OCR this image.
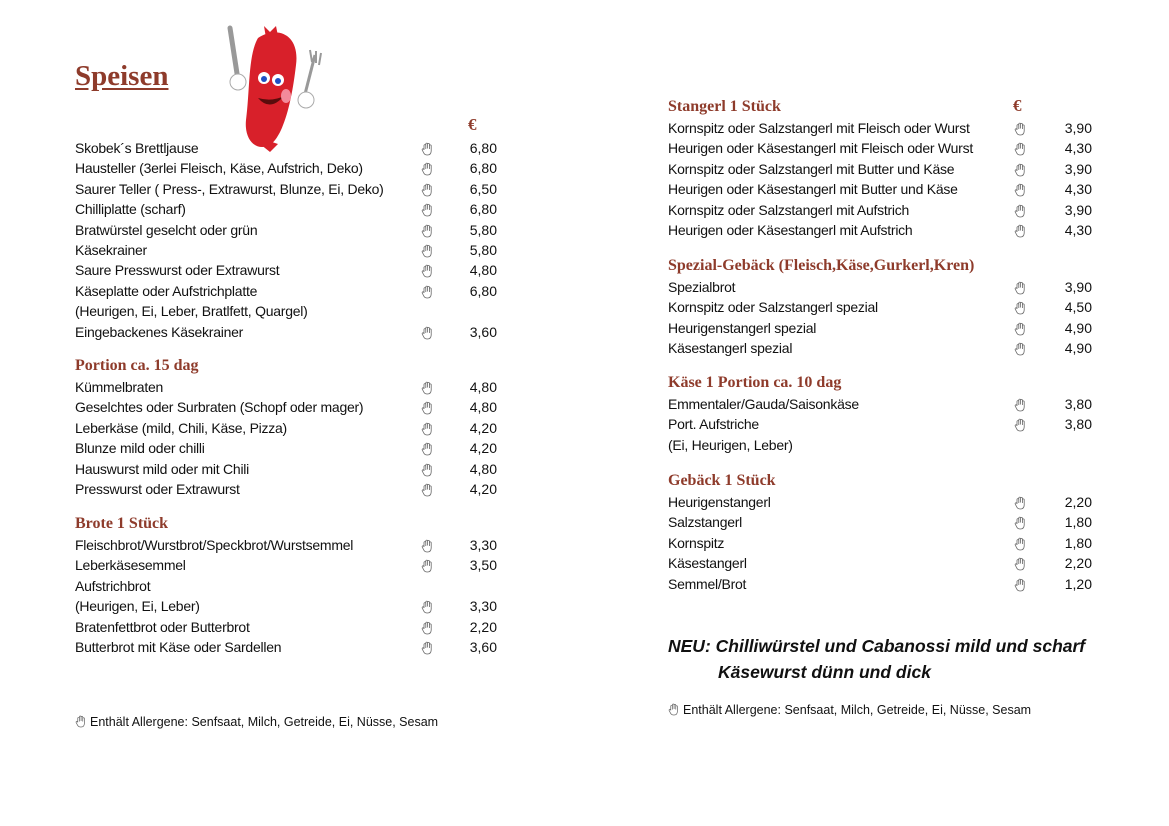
Speisen
€
€
Skobek´s Brettljause	6,80
Hausteller (3erlei Fleisch, Käse, Aufstrich, Deko)	6,80
Saurer Teller ( Press-, Extrawurst, Blunze, Ei, Deko)	6,50
Chilliplatte (scharf)	6,80
Bratwürstel geselcht oder grün	5,80
Käsekrainer	5,80
Saure Presswurst oder Extrawurst	4,80
Käseplatte oder Aufstrichplatte	6,80
(Heurigen, Ei, Leber, Bratlfett, Quargel)
Eingebackenes Käsekrainer	3,60
Portion ca. 15 dag
Kümmelbraten	4,80
Geselchtes oder Surbraten (Schopf oder mager)	4,80
Leberkäse (mild, Chili, Käse, Pizza)	4,20
Blunze mild oder chilli	4,20
Hauswurst mild oder mit Chili	4,80
Presswurst oder Extrawurst	4,20
Brote 1 Stück
Fleischbrot/Wurstbrot/Speckbrot/Wurstsemmel	3,30
Leberkäsesemmel	3,50
Aufstrichbrot
(Heurigen, Ei, Leber)	3,30
Bratenfettbrot oder Butterbrot	2,20
Butterbrot mit Käse oder Sardellen	3,60
Stangerl 1 Stück
Kornspitz oder Salzstangerl mit Fleisch oder Wurst	3,90
Heurigen oder Käsestangerl mit Fleisch oder Wurst	4,30
Kornspitz oder Salzstangerl mit Butter und Käse	3,90
Heurigen oder Käsestangerl mit Butter und Käse	4,30
Kornspitz oder Salzstangerl mit Aufstrich	3,90
Heurigen oder Käsestangerl mit Aufstrich	4,30
Spezial-Gebäck (Fleisch,Käse,Gurkerl,Kren)
Spezialbrot	3,90
Kornspitz oder Salzstangerl spezial	4,50
Heurigenstangerl spezial	4,90
Käsestangerl spezial	4,90
Käse 1 Portion ca. 10 dag
Emmentaler/Gauda/Saisonkäse	3,80
Port. Aufstriche	3,80
(Ei, Heurigen, Leber)
Gebäck 1 Stück
Heurigenstangerl	2,20
Salzstangerl	1,80
Kornspitz	1,80
Käsestangerl	2,20
Semmel/Brot	1,20
NEU: Chilliwürstel und Cabanossi mild und scharf
Käsewurst dünn und dick
Enthält Allergene: Senfsaat, Milch, Getreide, Ei, Nüsse, Sesam
Enthält Allergene: Senfsaat, Milch, Getreide, Ei, Nüsse, Sesam
